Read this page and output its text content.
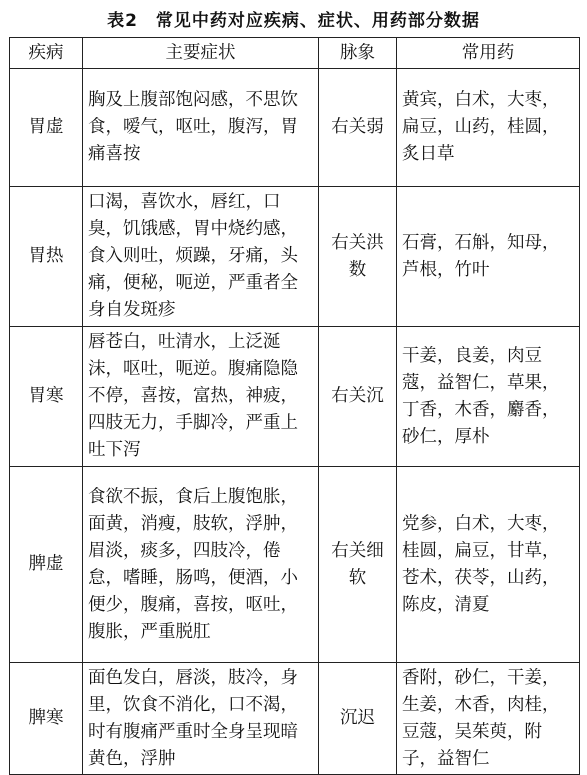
表2　常见中药对应疾病、症状、用药部分数据
疾病	主要症状	脉象	常用药
胃虚	胸及上腹部饱闷感，不思饮食，嗳气，呕吐，腹泻，胃痛喜按	右关弱	黄宾，白术，大枣，扁豆，山药，桂圆，炙日草
胃热	口渴，喜饮水，唇红，口臭，饥饿感，胃中烧约感，食入则吐，烦躁，牙痛，头痛，便秘，呃逆，严重者全身自发斑疹	右关洪数	石膏，石斛，知母，芦根，竹叶
胃寒	唇苍白，吐清水，上泛涎沫，呕吐，呃逆。腹痛隐隐不停，喜按，富热，神疲，四肢无力，手脚冷，严重上吐下泻	右关沉	干姜，良姜，肉豆蔻，益智仁，草果，丁香，木香，麝香，砂仁，厚朴
脾虚	食欲不振，食后上腹饱胀，面黄，消瘦，肢软，浮肿，眉淡，痰多，四肢冷，倦怠，嗜睡，肠鸣，便酒，小便少，腹痛，喜按，呕吐，腹胀，严重脱肛	右关细软	党参，白术，大枣，桂圆，扁豆，甘草，苍术，茯苓，山药，陈皮，清夏
脾寒	面色发白，唇淡，肢冷，身里，饮食不消化，口不渴，时有腹痛严重时全身呈现暗黄色，浮肿	沉迟	香附，砂仁，干姜，生姜，木香，肉桂，豆蔻，吴茱萸，附子，益智仁
